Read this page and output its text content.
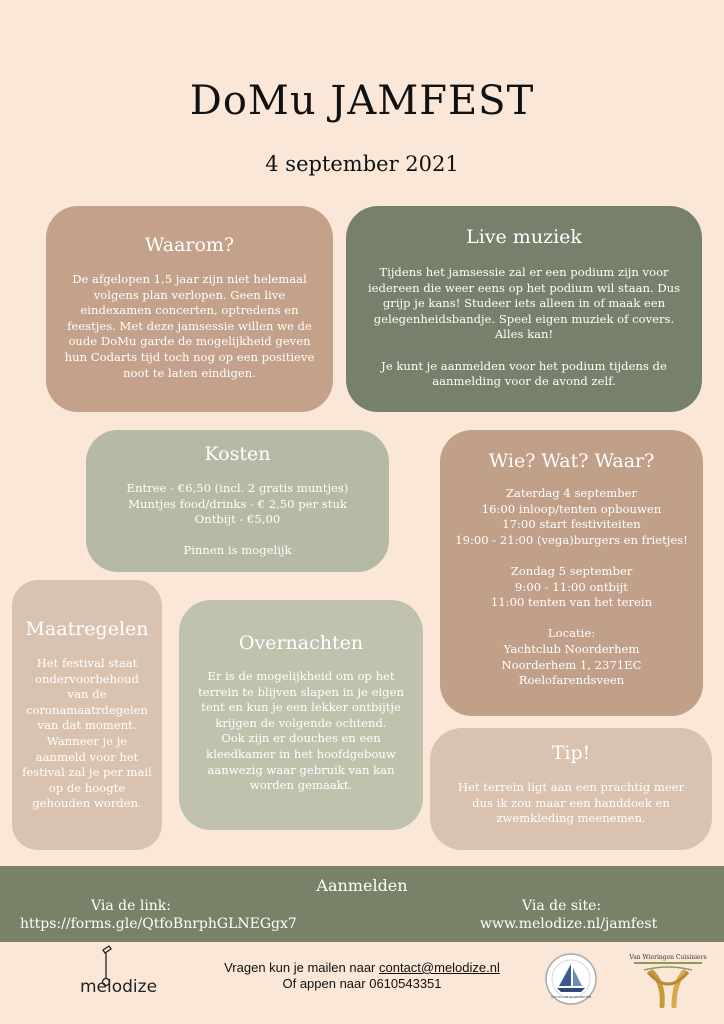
DoMu JAMFEST
4 september 2021
Waarom?
De afgelopen 1,5 jaar zijn niet helemaal
volgens plan verlopen. Geen live
eindexamen concerten, optredens en
feestjes. Met deze jamsessie willen we de
oude DoMu garde de mogelijkheid geven
hun Codarts tijd toch nog op een positieve
noot te laten eindigen.
Live muziek

Tijdens het jamsessie zal er een podium zijn voor
iedereen die weer eens op het podium wil staan. Dus
grijp je kans! Studeer iets alleen in of maak een
gelegenheidsbandje. Speel eigen muziek of covers.
Alles kan!

Je kunt je aanmelden voor het podium tijdens de
aanmelding voor de avond zelf.

Kosten

Entree - €6,50 (incl. 2 gratis muntjes)
Muntjes food/drinks - € 2,50 per stuk
Ontbijt - €5,00

Pinnen is mogelijk

Wie? Wat? Waar?

Zaterdag 4 september
16:00 inloop/tenten opbouwen
17:00 start festiviteiten
19:00 - 21:00 (vega)burgers en frietjes!

Zondag 5 september
9:00 - 11:00 ontbijt
11:00 tenten van het terein

Locatie:
Yachtclub Noorderhem
Noorderhem 1, 2371EC
Roelofarendsveen

Maatregelen
Het festival staat
ondervoorbehoud
van de
coronamaatrdegelen
van dat moment.
Wanneer je je
aanmeld voor het
festival zal je per mail
op de hoogte
gehouden worden.
Overnachten
Er is de mogelijkheid om op het
terrein te blijven slapen in je eigen
tent en kun je een lekker ontbijtje
krijgen de volgende ochtend.
Ook zijn er douches en een
kleedkamer in het hoofdgebouw
aanwezig waar gebruik van kan
worden gemaakt.
Tip!
Het terrein ligt aan een prachtig meer
dus ik zou maar een handdoek en
zwemkleding meenemen.
Aanmelden
Via de link:
https://forms.gle/QtfoBnrphGLNEGgx7
Via de site:
www.melodize.nl/jamfest
melodize
Vragen kun je mailen naar contact@melodize.nl
Of appen naar 0610543351
YACHTCLUB NOORDERHEM
Van Wieringen Cuisiniers
